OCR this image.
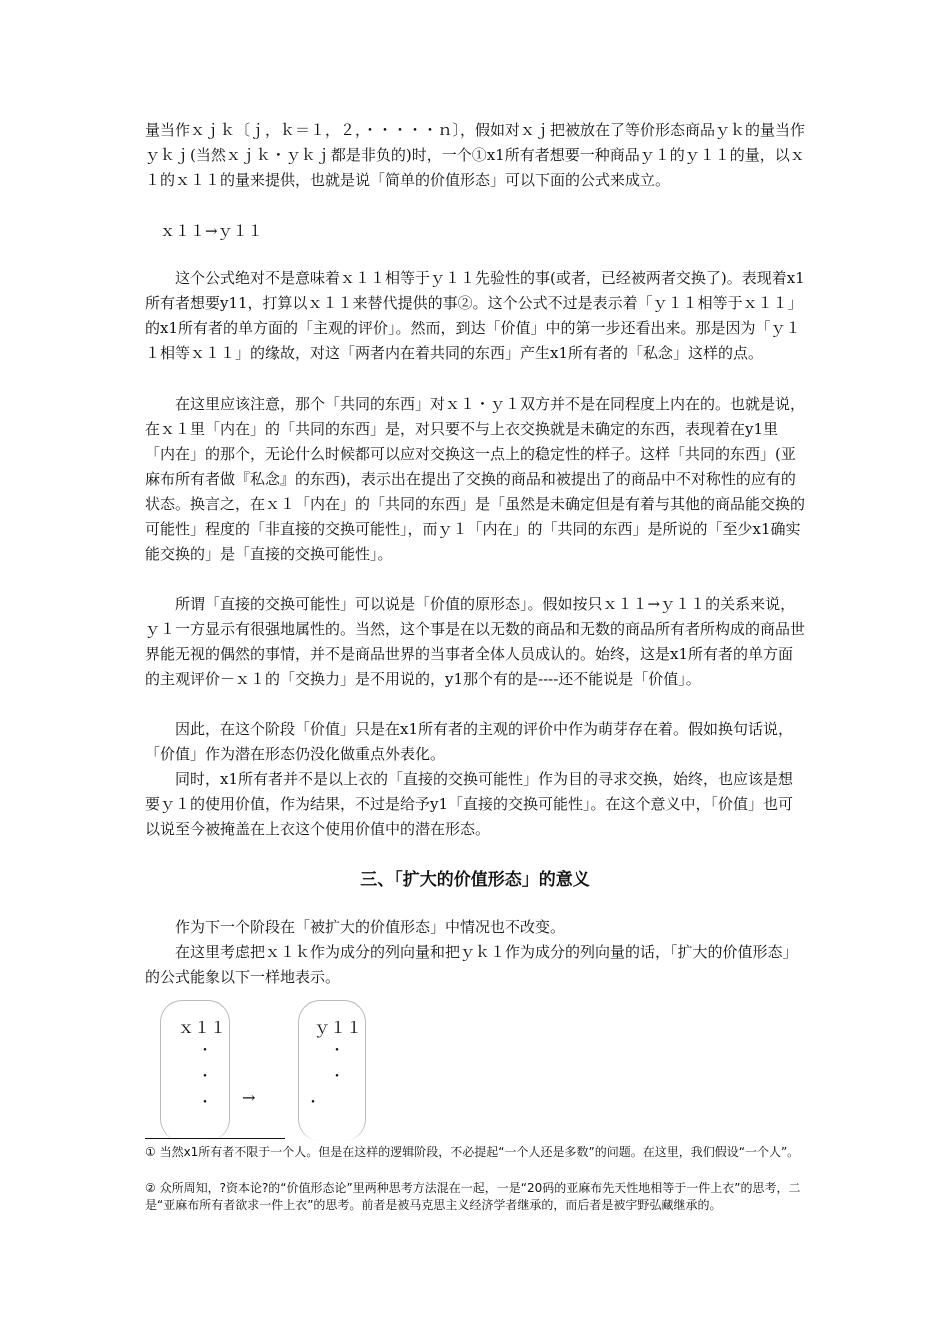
量当作ｘｊｋ〔ｊ，ｋ＝１，２，・・・・・ｎ〕，假如对ｘｊ把被放在了等价形态商品ｙｋ的量当作ｙｋｊ(当然ｘｊｋ・ｙｋｊ都是非负的)时，一个①x1所有者想要一种商品ｙ１的ｙ１１的量，以ｘ１的ｘ１１的量来提供，也就是说「简单的价值形态」可以下面的公式来成立。

ｘ１１→ｙ１１

这个公式绝对不是意味着ｘ１１相等于ｙ１１先验性的事(或者，已经被两者交换了)。表现着x1所有者想要y11，打算以ｘ１１来替代提供的事②。这个公式不过是表示着「ｙ１１相等于ｘ１１」的x1所有者的单方面的「主观的评价」。然而，到达「价值」中的第一步还看出来。那是因为「ｙ１１相等ｘ１１」的缘故，对这「两者内在着共同的东西」产生x1所有者的「私念」这样的点。

在这里应该注意，那个「共同的东西」对ｘ１・ｙ１双方并不是在同程度上内在的。也就是说，在ｘ１里「内在」的「共同的东西」是，对只要不与上衣交换就是未确定的东西，表现着在y1里「内在」的那个，无论什么时候都可以应对交换这一点上的稳定性的样子。这样「共同的东西」(亚麻布所有者做『私念』的东西)，表示出在提出了交换的商品和被提出了的商品中不对称性的应有的状态。换言之，在ｘ１「内在」的「共同的东西」是「虽然是未确定但是有着与其他的商品能交换的可能性」程度的「非直接的交换可能性」，而ｙ１「内在」的「共同的东西」是所说的「至少x1确实能交换的」是「直接的交换可能性」。

所谓「直接的交换可能性」可以说是「价值的原形态」。假如按只ｘ１１→ｙ１１的关系来说，ｙ１一方显示有很强地属性的。当然，这个事是在以无数的商品和无数的商品所有者所构成的商品世界能无视的偶然的事情，并不是商品世界的当事者全体人员成认的。始终，这是x1所有者的单方面的主观评价－ｘ１的「交换力」是不用说的，y1那个有的是----还不能说是「价值」。

因此，在这个阶段「价值」只是在x1所有者的主观的评价中作为萌芽存在着。假如换句话说，「价值」作为潜在形态仍没化做重点外表化。

同时，x1所有者并不是以上衣的「直接的交换可能性」作为目的寻求交换，始终，也应该是想要ｙ１的使用价值，作为结果，不过是给予y1「直接的交换可能性」。在这个意义中，「价值」也可以说至今被掩盖在上衣这个使用价值中的潜在形态。

三、「扩大的价值形态」的意义

作为下一个阶段在「被扩大的价值形态」中情况也不改变。

在这里考虑把ｘ１ｋ作为成分的列向量和把ｙｋ１作为成分的列向量的话，「扩大的价值形态」的公式能象以下一样地表示。

ｘ１１
・
・
・ →
ｙ１１
・
・
・
① 当然x1所有者不限于一个人。但是在这样的逻辑阶段，不必提起“一个人还是多数”的问题。在这里，我们假设“一个人”。
② 众所周知，?资本论?的“价值形态论”里两种思考方法混在一起，一是“20码的亚麻布先天性地相等于一件上衣”的思考，二是“亚麻布所有者欲求一件上衣”的思考。前者是被马克思主义经济学者继承的，而后者是被宇野弘藏继承的。
